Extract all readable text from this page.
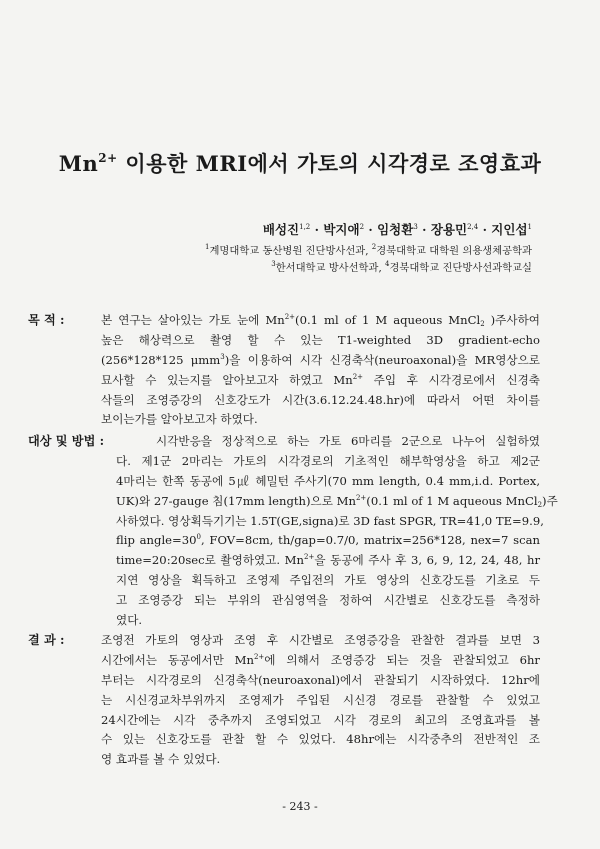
$Mn^{2+}$ 이용한 MRI에서 가토의 시각경로 조영효과
배성진$^{1,2}$ · 박지애$^2$ · 임청환$^3$ · 장용민$^{2,4}$ · 지인섭$^1$
$^1$계명대학교 동산병원 진단방사선과, $^2$경북대학교 대학원 의용생체공학과
$^3$한서대학교 방사선학과, $^4$경북대학교 진단방사선과학교실
목 적 :	본 연구는 살아있는 가토 눈에 $Mn^{2+}(0.1$ ml of 1 M aqueous MnCl$_2$ )주사하여
높은 해상력으로 촬영 할 수 있는 T1-weighted 3D gradient-echo
(256*128*125 μmm$^3$)을 이용하여 시각 신경축삭(neuroaxonal)을 MR영상으로
묘사할 수 있는지를 알아보고자 하였고 $Mn^{2+}$ 주입 후 시각경로에서 신경축
삭들의 조영증강의 신호강도가 시간(3.6.12.24.48.hr)에 따라서 어떤 차이를
보이는가를 알아보고자 하였다.
대상 및 방법 :	시각반응을 정상적으로 하는 가토 6마리를 2군으로 나누어 실험하였
다. 제1군 2마리는 가토의 시각경로의 기초적인 해부학영상을 하고 제2군
4마리는 한쪽 동공에 5㎕ 헤밀턴 주사기(70 mm length, 0.4 mm,i.d. Portex,
UK)와 27-gauge 침(17mm length)으로 $Mn^{2+}(0.1$ ml of 1 M aqueous MnCl$_2$)주
사하였다. 영상획득기기는 1.5T(GE,signa)로 3D fast SPGR, TR=41,0 TE=9.9,
flip $angle=30^0$, FOV=8cm, th/gap=0.7/0, matrix=256*128, nex=7 scan
time=20:20sec로 촬영하였고. $Mn^{2+}$을 동공에 주사 후 3, 6, 9, 12, 24, 48, hr
지연 영상을 획득하고 조영제 주입전의 가토 영상의 신호강도를 기초로 두
고 조영증강 되는 부위의 관심영역을 정하여 시간별로 신호강도를 측정하
였다.
결 과 :	조영전 가토의 영상과 조영 후 시간별로 조영증강을 관찰한 결과를 보면 3
시간에서는 동공에서만 $Mn^{2+}$에 의해서 조영증강 되는 것을 관찰되었고 6hr
부터는 시각경로의 신경축삭(neuroaxonal)에서 관찰되기 시작하였다. 12hr에
는 시신경교차부위까지 조영제가 주입된 시신경 경로를 관찰할 수 있었고
24시간에는 시각 중추까지 조영되었고 시각 경로의 최고의 조영효과를 볼
수 있는 신호강도를 관찰 할 수 있었다. 48hr에는 시각중추의 전반적인 조
영 효과를 볼 수 있었다.
- 243 -
